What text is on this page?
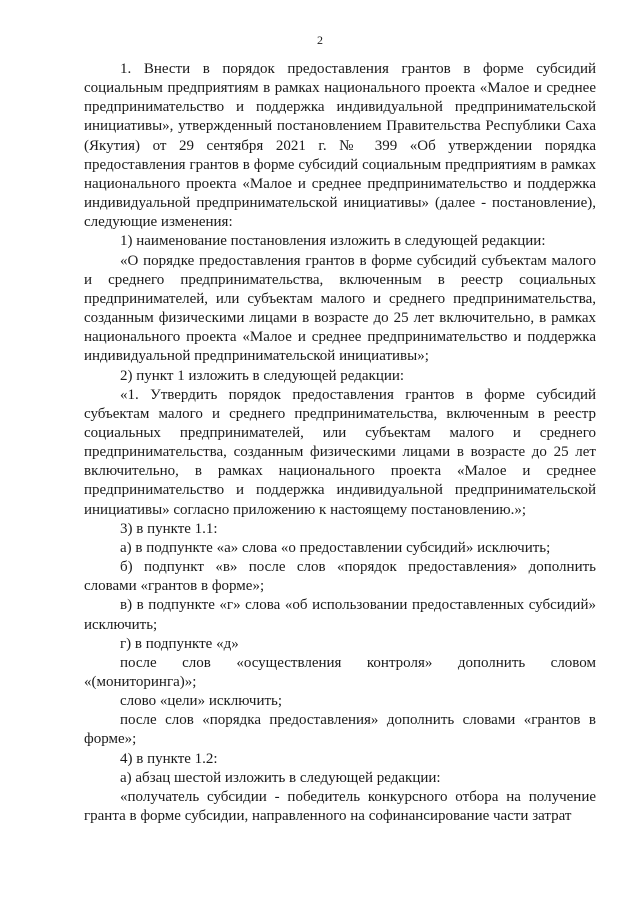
2

1. Внести в порядок предоставления грантов в форме субсидий социальным предприятиям в рамках национального проекта «Малое и среднее предпринимательство и поддержка индивидуальной предпринимательской инициативы», утвержденный постановлением Правительства Республики Саха (Якутия) от 29 сентября 2021 г. № 399 «Об утверждении порядка предоставления грантов в форме субсидий социальным предприятиям в рамках национального проекта «Малое и среднее предпринимательство и поддержка индивидуальной предпринимательской инициативы» (далее - постановление), следующие изменения:

1) наименование постановления изложить в следующей редакции:

«О порядке предоставления грантов в форме субсидий субъектам малого и среднего предпринимательства, включенным в реестр социальных предпринимателей, или субъектам малого и среднего предпринимательства, созданным физическими лицами в возрасте до 25 лет включительно, в рамках национального проекта «Малое и среднее предпринимательство и поддержка индивидуальной предпринимательской инициативы»;

2) пункт 1 изложить в следующей редакции:

«1. Утвердить порядок предоставления грантов в форме субсидий субъектам малого и среднего предпринимательства, включенным в реестр социальных предпринимателей, или субъектам малого и среднего предпринимательства, созданным физическими лицами в возрасте до 25 лет включительно, в рамках национального проекта «Малое и среднее предпринимательство и поддержка индивидуальной предпринимательской инициативы» согласно приложению к настоящему постановлению.»;

3) в пункте 1.1:

а) в подпункте «а» слова «о предоставлении субсидий» исключить;

б) подпункт «в» после слов «порядок предоставления» дополнить словами «грантов в форме»;

в) в подпункте «г» слова «об использовании предоставленных субсидий» исключить;

г) в подпункте «д»

после слов «осуществления контроля» дополнить словом

«(мониторинга)»;

слово «цели» исключить;

после слов «порядка предоставления» дополнить словами «грантов в форме»;

4) в пункте 1.2:

а) абзац шестой изложить в следующей редакции:

«получатель субсидии - победитель конкурсного отбора на получение гранта в форме субсидии, направленного на софинансирование части затрат
